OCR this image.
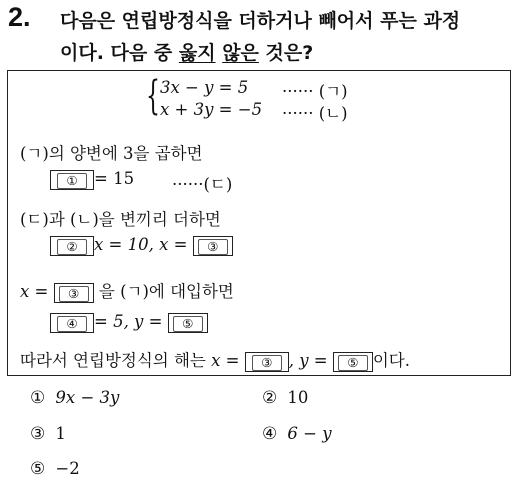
2. 다음은 연립방정식을 더하거나 빼어서 푸는 과정
이다. 다음 중 옳지 않은 것은?
{ 3x − y = 5 ······ (ㄱ)
x + 3y = −5 ······ (ㄴ)
(ㄱ)의 양변에 3을 곱하면
① = 15 ······(ㄷ)
(ㄷ)과 (ㄴ)을 변끼리 더하면
② x = 10, x = ③
x = ③ 을 (ㄱ)에 대입하면
④ = 5, y = ⑤
따라서 연립방정식의 해는 x = ③ , y = ⑤ 이다.
① 9x − 3y	② 10
③ 1	④ 6 − y
⑤ −2
